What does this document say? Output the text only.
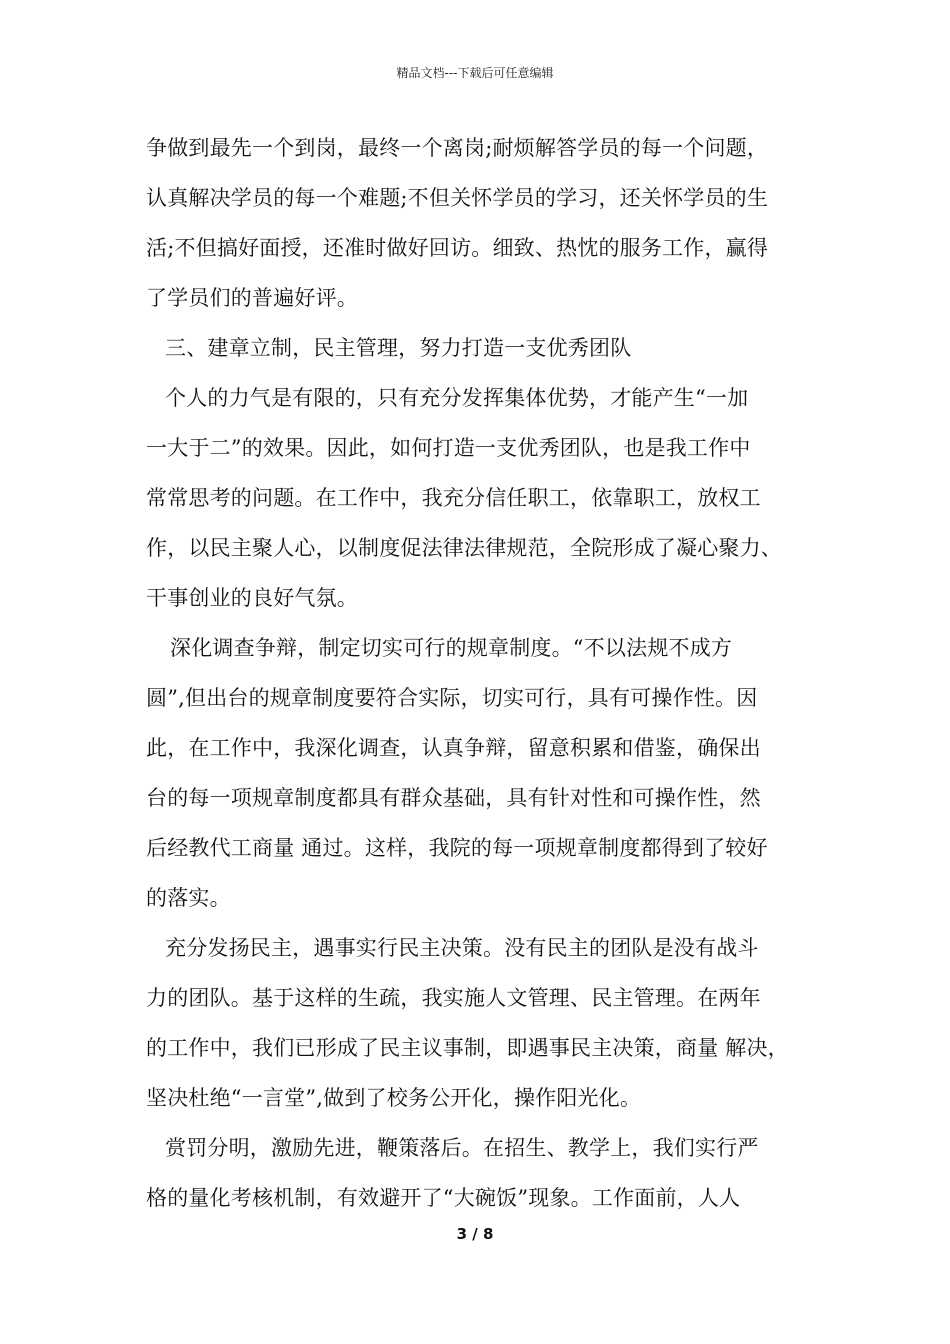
精品文档---下载后可任意编辑
争做到最先一个到岗，最终一个离岗;耐烦解答学员的每一个问题，
认真解决学员的每一个难题;不但关怀学员的学习，还关怀学员的生
活;不但搞好面授，还准时做好回访。细致、热忱的服务工作，赢得
了学员们的普遍好评。
三、建章立制，民主管理，努力打造一支优秀团队
个人的力气是有限的，只有充分发挥集体优势，才能产生“一加
一大于二”的效果。因此，如何打造一支优秀团队，也是我工作中
常常思考的问题。在工作中，我充分信任职工，依靠职工，放权工
作，以民主聚人心，以制度促法律法律规范，全院形成了凝心聚力、
干事创业的良好气氛。
深化调查争辩，制定切实可行的规章制度。“不以法规不成方
圆”,但出台的规章制度要符合实际，切实可行，具有可操作性。因
此，在工作中，我深化调查，认真争辩，留意积累和借鉴，确保出
台的每一项规章制度都具有群众基础，具有针对性和可操作性，然
后经教代工商量 通过。这样，我院的每一项规章制度都得到了较好
的落实。
充分发扬民主，遇事实行民主决策。没有民主的团队是没有战斗
力的团队。基于这样的生疏，我实施人文管理、民主管理。在两年
的工作中，我们已形成了民主议事制，即遇事民主决策，商量 解决，
坚决杜绝“一言堂”,做到了校务公开化，操作阳光化。
赏罚分明，激励先进，鞭策落后。在招生、教学上，我们实行严
格的量化考核机制，有效避开了“大碗饭”现象。工作面前，人人
3 / 8
